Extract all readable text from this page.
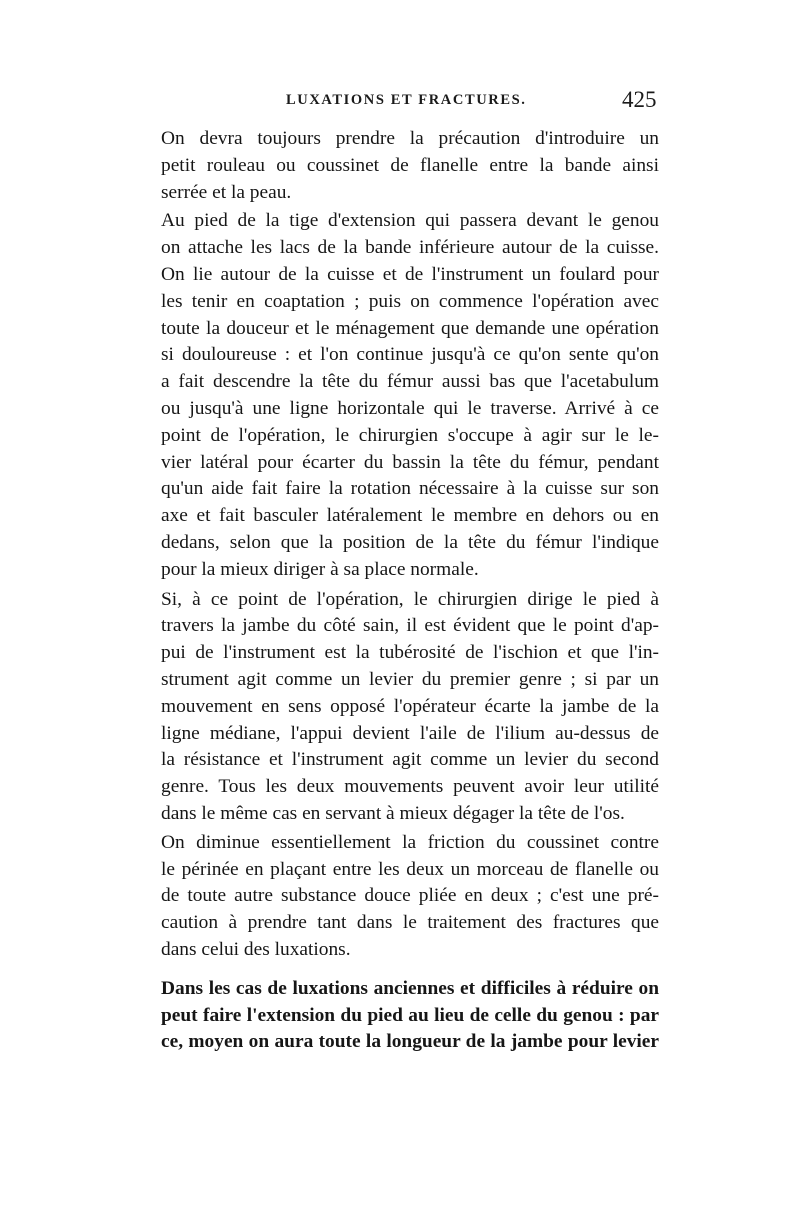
LUXATIONS ET FRACTURES.	425

On devra toujours prendre la précaution d'introduire un
petit rouleau ou coussinet de flanelle entre la bande ainsi
serrée et la peau.

Au pied de la tige d'extension qui passera devant le genou
on attache les lacs de la bande inférieure autour de la cuisse.
On lie autour de la cuisse et de l'instrument un foulard pour
les tenir en coaptation ; puis on commence l'opération avec
toute la douceur et le ménagement que demande une opération
si douloureuse : et l'on continue jusqu'à ce qu'on sente qu'on
a fait descendre la tête du fémur aussi bas que l'acetabulum
ou jusqu'à une ligne horizontale qui le traverse. Arrivé à ce
point de l'opération, le chirurgien s'occupe à agir sur le le-
vier latéral pour écarter du bassin la tête du fémur, pendant
qu'un aide fait faire la rotation nécessaire à la cuisse sur son
axe et fait basculer latéralement le membre en dehors ou en
dedans, selon que la position de la tête du fémur l'indique
pour la mieux diriger à sa place normale.

Si, à ce point de l'opération, le chirurgien dirige le pied à
travers la jambe du côté sain, il est évident que le point d'ap-
pui de l'instrument est la tubérosité de l'ischion et que l'in-
strument agit comme un levier du premier genre ; si par un
mouvement en sens opposé l'opérateur écarte la jambe de la
ligne médiane, l'appui devient l'aile de l'ilium au-dessus de
la résistance et l'instrument agit comme un levier du second
genre. Tous les deux mouvements peuvent avoir leur utilité
dans le même cas en servant à mieux dégager la tête de l'os.

On diminue essentiellement la friction du coussinet contre
le périnée en plaçant entre les deux un morceau de flanelle ou
de toute autre substance douce pliée en deux ; c'est une pré-
caution à prendre tant dans le traitement des fractures que
dans celui des luxations.

Dans les cas de luxations anciennes et difficiles à réduire on
peut faire l'extension du pied au lieu de celle du genou : par
ce, moyen on aura toute la longueur de la jambe pour levier
